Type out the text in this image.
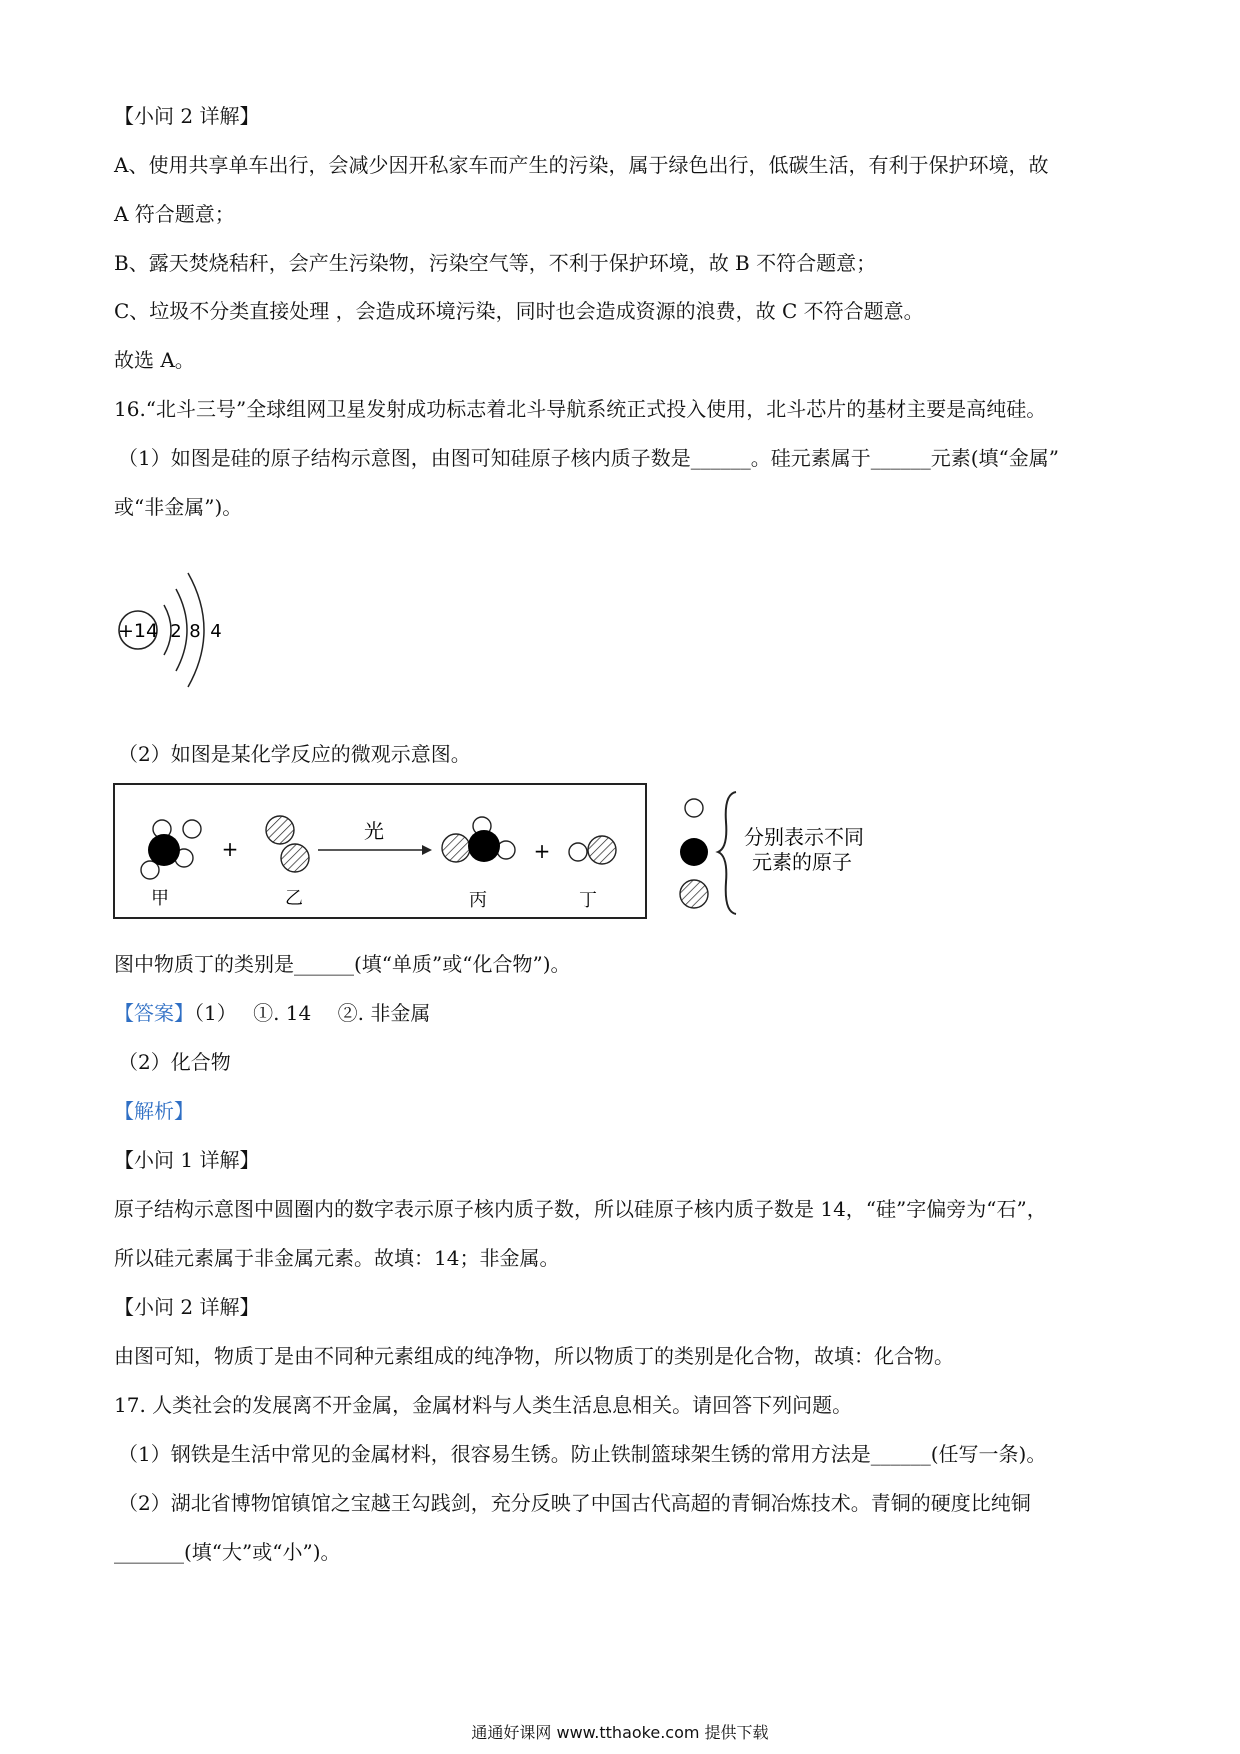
【小问 2 详解】
A、使用共享单车出行，会减少因开私家车而产生的污染，属于绿色出行，低碳生活，有利于保护环境，故
A 符合题意；
B、露天焚烧秸秆，会产生污染物，污染空气等，不利于保护环境，故 B 不符合题意；
C、垃圾不分类直接处理 ，会造成环境污染，同时也会造成资源的浪费，故 C 不符合题意。
故选 A。
16.“北斗三号”全球组网卫星发射成功标志着北斗导航系统正式投入使用，北斗芯片的基材主要是高纯硅。
（1）如图是硅的原子结构示意图，由图可知硅原子核内质子数是______。硅元素属于______元素(填“金属”
或“非金属”)。
+14 2 8 4
（2）如图是某化学反应的微观示意图。
甲
+
乙
光
丙
+
丁
分别表示不同
元素的原子
图中物质丁的类别是______(填“单质”或“化合物”)。
【答案】（1）　 ①. 14　 ②. 非金属
（2）化合物
【解析】
【小问 1 详解】
原子结构示意图中圆圈内的数字表示原子核内质子数，所以硅原子核内质子数是 14，“硅”字偏旁为“石”，
所以硅元素属于非金属元素。故填：14；非金属。
【小问 2 详解】
由图可知，物质丁是由不同种元素组成的纯净物，所以物质丁的类别是化合物，故填：化合物。
17. 人类社会的发展离不开金属，金属材料与人类生活息息相关。请回答下列问题。
（1）钢铁是生活中常见的金属材料，很容易生锈。防止铁制篮球架生锈的常用方法是______(任写一条)。
（2）湖北省博物馆镇馆之宝越王勾践剑，充分反映了中国古代高超的青铜冶炼技术。青铜的硬度比纯铜
_______(填“大”或“小”)。
通通好课网 www.tthaoke.com 提供下载
